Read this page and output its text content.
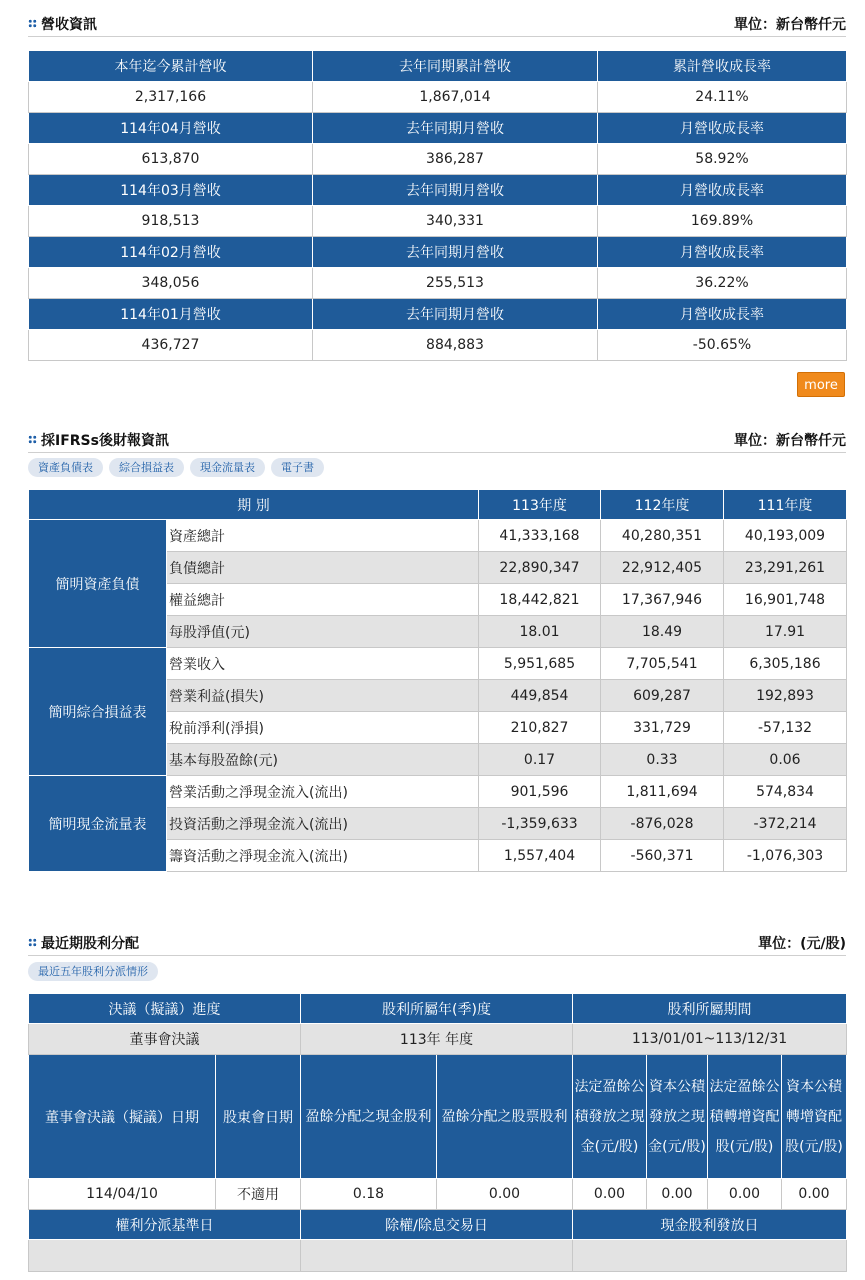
營收資訊	單位：新台幣仟元
本年迄今累計營收	去年同期累計營收	累計營收成長率
2,317,166	1,867,014	24.11%
114年04月營收	去年同期月營收	月營收成長率
613,870	386,287	58.92%
114年03月營收	去年同期月營收	月營收成長率
918,513	340,331	169.89%
114年02月營收	去年同期月營收	月營收成長率
348,056	255,513	36.22%
114年01月營收	去年同期月營收	月營收成長率
436,727	884,883	-50.65%
more
採IFRSs後財報資訊	單位：新台幣仟元
資產負債表 綜合損益表 現金流量表 電子書
期 別		113年度	112年度	111年度
簡明資產負債	資產總計	41,333,168	40,280,351	40,193,009
	負債總計	22,890,347	22,912,405	23,291,261
	權益總計	18,442,821	17,367,946	16,901,748
	每股淨值(元)	18.01	18.49	17.91
簡明綜合損益表	營業收入	5,951,685	7,705,541	6,305,186
	營業利益(損失)	449,854	609,287	192,893
	稅前淨利(淨損)	210,827	331,729	-57,132
	基本每股盈餘(元)	0.17	0.33	0.06
簡明現金流量表	營業活動之淨現金流入(流出)	901,596	1,811,694	574,834
	投資活動之淨現金流入(流出)	-1,359,633	-876,028	-372,214
	籌資活動之淨現金流入(流出)	1,557,404	-560,371	-1,076,303
最近期股利分配	單位：(元/股)
最近五年股利分派情形
決議（擬議）進度		股利所屬年(季)度		股利所屬期間			
董事會決議		113年 年度		113/01/01~113/12/31			
董事會決議（擬議）日期	股東會日期	盈餘分配之現金股利	盈餘分配之股票股利	法定盈餘公積發放之現金(元/股)	資本公積發放之現金(元/股)	法定盈餘公積轉增資配股(元/股)	資本公積轉增資配股(元/股)
114/04/10	不適用	0.18	0.00	0.00	0.00	0.00	0.00
權利分派基準日		除權/除息交易日		現金股利發放日			
